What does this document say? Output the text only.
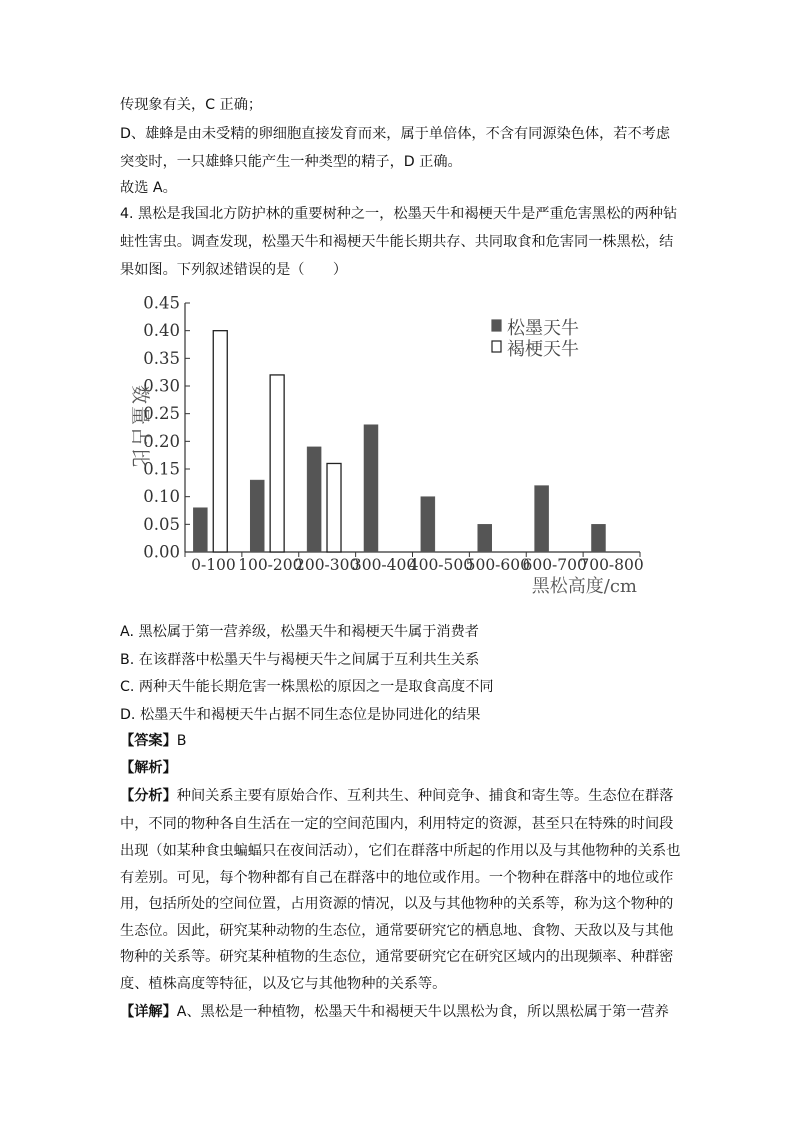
传现象有关，C 正确；
D、雄蜂是由未受精的卵细胞直接发育而来，属于单倍体，不含有同源染色体，若不考虑
突变时，一只雄蜂只能产生一种类型的精子，D 正确。
故选 A。
4. 黑松是我国北方防护林的重要树种之一，松墨天牛和褐梗天牛是严重危害黑松的两种钻
蛀性害虫。调查发现，松墨天牛和褐梗天牛能长期共存、共同取食和危害同一株黑松，结
果如图。下列叙述错误的是（　　）
0.00
0.05
0.10
0.15
0.20
0.25
0.30
0.35
0.40
0.45
0-100 100-200
200-300
300-400
400-500
500-600
600-700
700-800
数量占比
黑松高度/cm
松墨天牛
褐梗天牛
A. 黑松属于第一营养级，松墨天牛和褐梗天牛属于消费者
B. 在该群落中松墨天牛与褐梗天牛之间属于互利共生关系
C. 两种天牛能长期危害一株黑松的原因之一是取食高度不同
D. 松墨天牛和褐梗天牛占据不同生态位是协同进化的结果
【答案】B
【解析】
【分析】种间关系主要有原始合作、互利共生、种间竞争、捕食和寄生等。生态位在群落
中，不同的物种各自生活在一定的空间范围内，利用特定的资源，甚至只在特殊的时间段
出现（如某种食虫蝙蝠只在夜间活动），它们在群落中所起的作用以及与其他物种的关系也
有差别。可见，每个物种都有自己在群落中的地位或作用。一个物种在群落中的地位或作
用，包括所处的空间位置，占用资源的情况，以及与其他物种的关系等，称为这个物种的
生态位。因此，研究某种动物的生态位，通常要研究它的栖息地、食物、天敌以及与其他
物种的关系等。研究某种植物的生态位，通常要研究它在研究区域内的出现频率、种群密
度、植株高度等特征，以及它与其他物种的关系等。
【详解】A、黑松是一种植物，松墨天牛和褐梗天牛以黑松为食，所以黑松属于第一营养
